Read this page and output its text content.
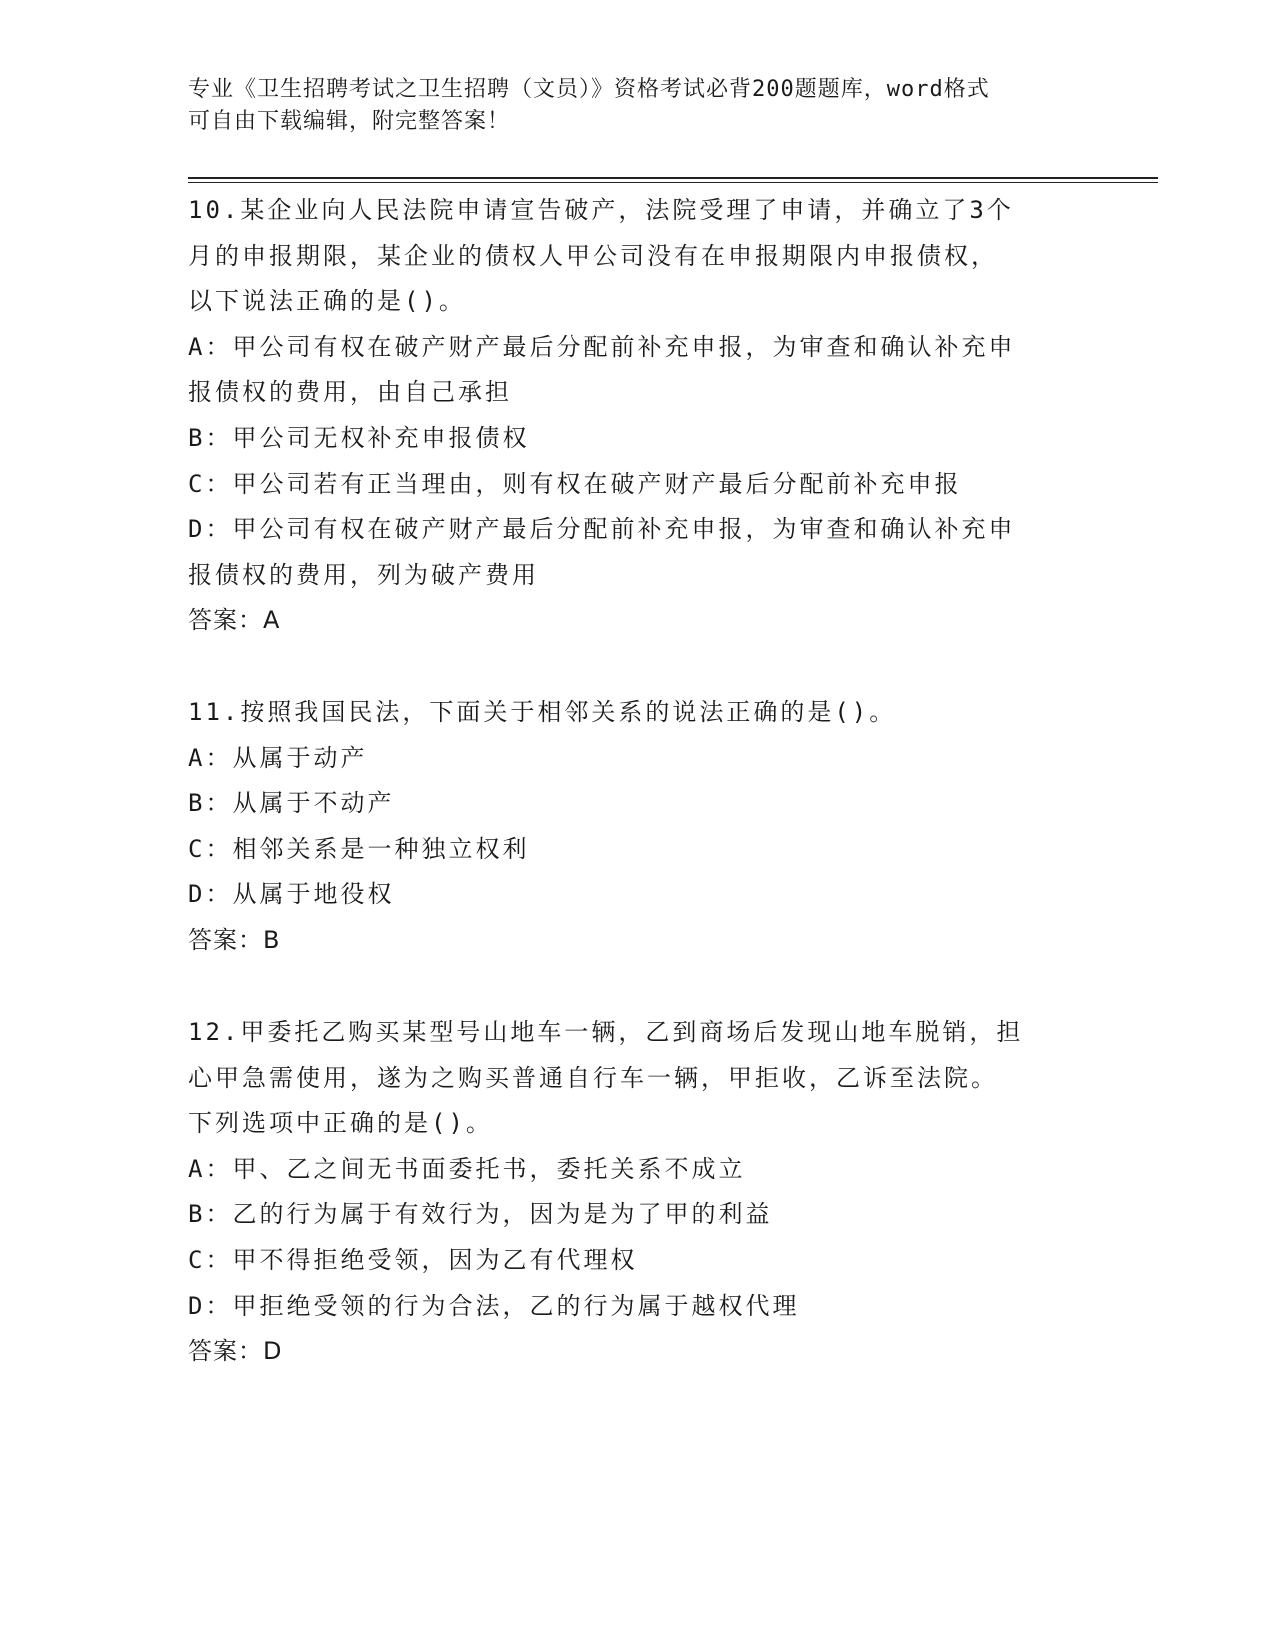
专业《卫生招聘考试之卫生招聘（文员）》资格考试必背200题题库，word格式
可自由下载编辑，附完整答案！
10.某企业向人民法院申请宣告破产，法院受理了申请，并确立了3个
月的申报期限，某企业的债权人甲公司没有在申报期限内申报债权，
以下说法正确的是()。
A：甲公司有权在破产财产最后分配前补充申报，为审查和确认补充申
报债权的费用，由自己承担
B：甲公司无权补充申报债权
C：甲公司若有正当理由，则有权在破产财产最后分配前补充申报
D：甲公司有权在破产财产最后分配前补充申报，为审查和确认补充申
报债权的费用，列为破产费用
答案：A
11.按照我国民法，下面关于相邻关系的说法正确的是()。
A：从属于动产
B：从属于不动产
C：相邻关系是一种独立权利
D：从属于地役权
答案：B
12.甲委托乙购买某型号山地车一辆，乙到商场后发现山地车脱销，担
心甲急需使用，遂为之购买普通自行车一辆，甲拒收，乙诉至法院。
下列选项中正确的是()。
A：甲、乙之间无书面委托书，委托关系不成立
B：乙的行为属于有效行为，因为是为了甲的利益
C：甲不得拒绝受领，因为乙有代理权
D：甲拒绝受领的行为合法，乙的行为属于越权代理
答案：D
